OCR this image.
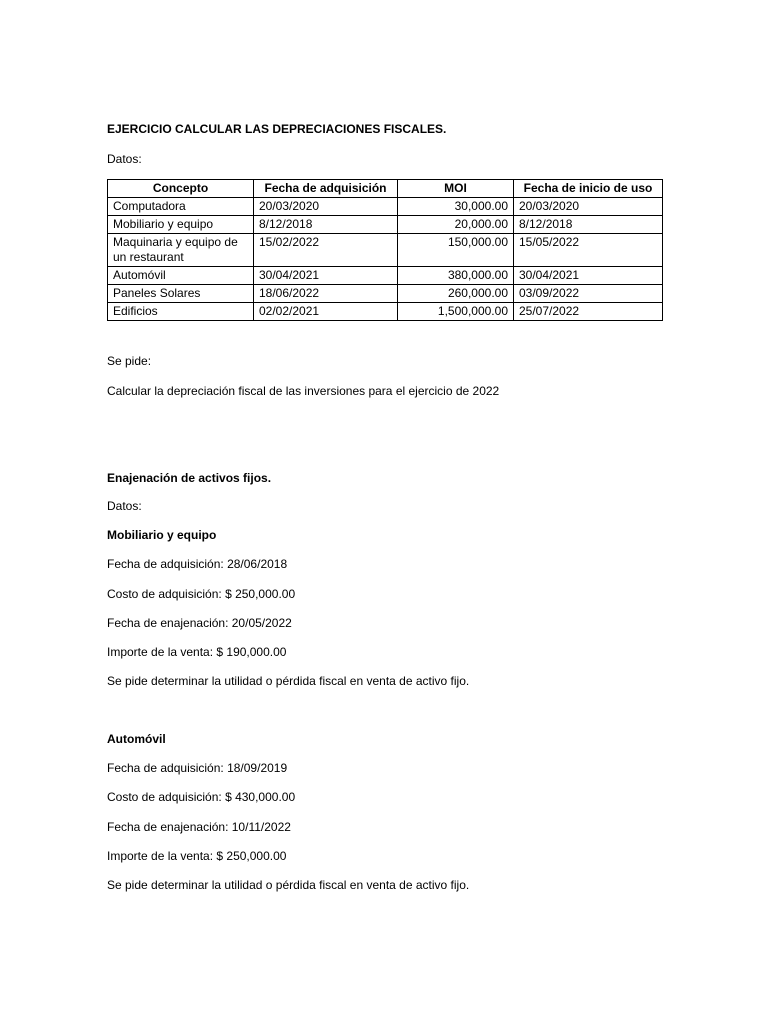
EJERCICIO CALCULAR LAS DEPRECIACIONES FISCALES.
Datos:
Concepto	Fecha de adquisición	MOI	Fecha de inicio de uso
Computadora	20/03/2020	30,000.00	20/03/2020
Mobiliario y equipo	8/12/2018	20,000.00	8/12/2018
Maquinaria y equipo de un restaurant	15/02/2022	150,000.00	15/05/2022
Automóvil	30/04/2021	380,000.00	30/04/2021
Paneles Solares	18/06/2022	260,000.00	03/09/2022
Edificios	02/02/2021	1,500,000.00	25/07/2022
Se pide:
Calcular la depreciación fiscal de las inversiones para el ejercicio de 2022
Enajenación de activos fijos.
Datos:
Mobiliario y equipo
Fecha de adquisición: 28/06/2018
Costo de adquisición: $ 250,000.00
Fecha de enajenación: 20/05/2022
Importe de la venta: $ 190,000.00
Se pide determinar la utilidad o pérdida fiscal en venta de activo fijo.
Automóvil
Fecha de adquisición: 18/09/2019
Costo de adquisición: $ 430,000.00
Fecha de enajenación: 10/11/2022
Importe de la venta: $ 250,000.00
Se pide determinar la utilidad o pérdida fiscal en venta de activo fijo.
